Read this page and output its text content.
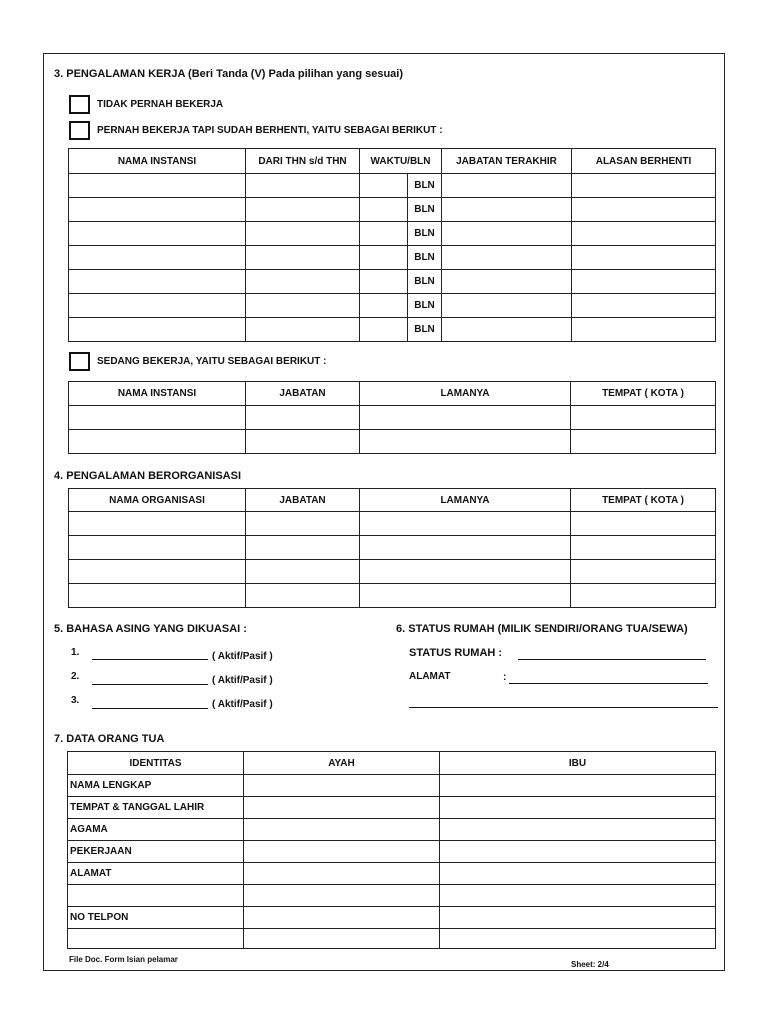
3. PENGALAMAN KERJA (Beri Tanda (V) Pada pilihan yang sesuai)
TIDAK PERNAH BEKERJA
PERNAH BEKERJA TAPI SUDAH BERHENTI, YAITU SEBAGAI BERIKUT :
NAMA INSTANSI	DARI THN s/d THN	WAKTU/BLN		JABATAN TERAKHIR	ALASAN BERHENTI
			BLN		
			BLN		
			BLN		
			BLN		
			BLN		
			BLN		
			BLN		
SEDANG BEKERJA, YAITU SEBAGAI BERIKUT :
NAMA INSTANSI	JABATAN	LAMANYA	TEMPAT ( KOTA )

4. PENGALAMAN BERORGANISASI
NAMA ORGANISASI	JABATAN	LAMANYA	TEMPAT ( KOTA )

5. BAHASA ASING YANG DIKUASAI :
1.	( Aktif/Pasif )
2.	( Aktif/Pasif )
3.	( Aktif/Pasif )
6. STATUS RUMAH (MILIK SENDIRI/ORANG TUA/SEWA)
STATUS RUMAH :
ALAMAT	:
7. DATA ORANG TUA
IDENTITAS	AYAH	IBU
NAMA LENGKAP		
TEMPAT & TANGGAL LAHIR		
AGAMA		
PEKERJAAN		
ALAMAT		

NO TELPON		

File Doc. Form Isian pelamar
Sheet: 2/4
